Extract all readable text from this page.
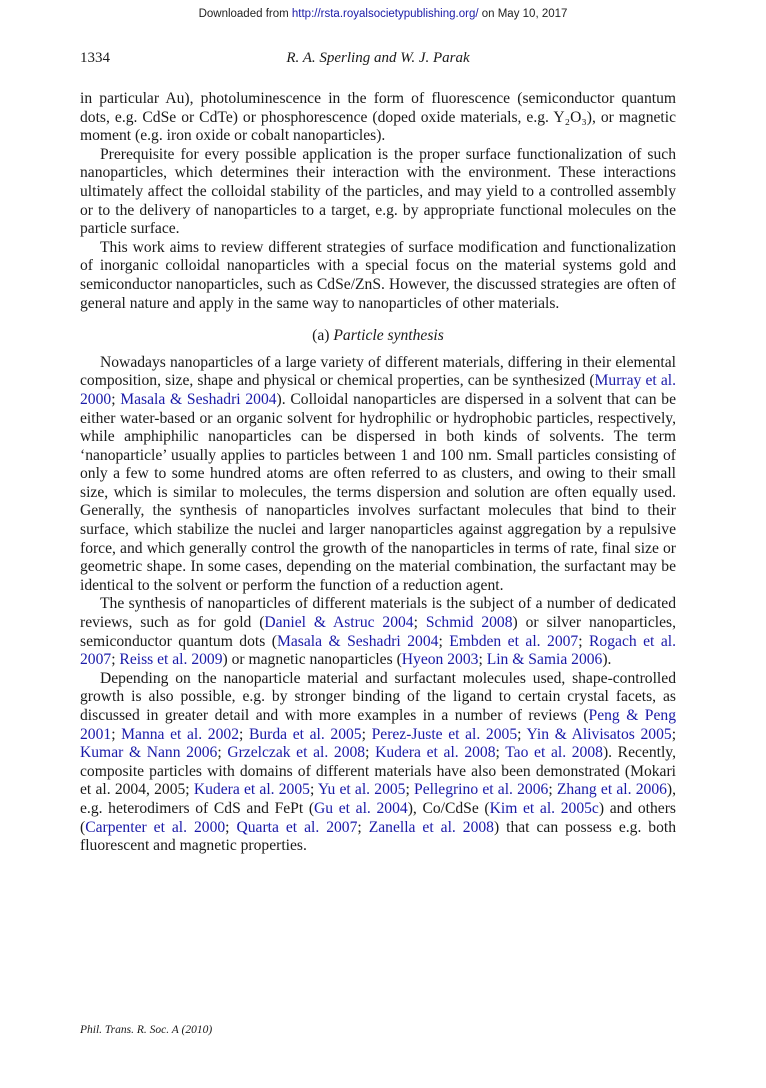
Downloaded from http://rsta.royalsocietypublishing.org/ on May 10, 2017
1334	R. A. Sperling and W. J. Parak

in particular Au), photoluminescence in the form of fluorescence (semiconductor quantum dots, e.g. CdSe or CdTe) or phosphorescence (doped oxide materials, e.g. Y₂O₃), or magnetic moment (e.g. iron oxide or cobalt nanoparticles).

Prerequisite for every possible application is the proper surface functionalization of such nanoparticles, which determines their interaction with the environment. These interactions ultimately affect the colloidal stability of the particles, and may yield to a controlled assembly or to the delivery of nanoparticles to a target, e.g. by appropriate functional molecules on the particle surface.

This work aims to review different strategies of surface modification and functionalization of inorganic colloidal nanoparticles with a special focus on the material systems gold and semiconductor nanoparticles, such as CdSe/ZnS. However, the discussed strategies are often of general nature and apply in the same way to nanoparticles of other materials.

(a) Particle synthesis

Nowadays nanoparticles of a large variety of different materials, differing in their elemental composition, size, shape and physical or chemical properties, can be synthesized (Murray et al. 2000; Masala & Seshadri 2004). Colloidal nanoparticles are dispersed in a solvent that can be either water-based or an organic solvent for hydrophilic or hydrophobic particles, respectively, while amphiphilic nanoparticles can be dispersed in both kinds of solvents. The term ‘nanoparticle’ usually applies to particles between 1 and 100 nm. Small particles consisting of only a few to some hundred atoms are often referred to as clusters, and owing to their small size, which is similar to molecules, the terms dispersion and solution are often equally used. Generally, the synthesis of nanoparticles involves surfactant molecules that bind to their surface, which stabilize the nuclei and larger nanoparticles against aggregation by a repulsive force, and which generally control the growth of the nanoparticles in terms of rate, final size or geometric shape. In some cases, depending on the material combination, the surfactant may be identical to the solvent or perform the function of a reduction agent.

The synthesis of nanoparticles of different materials is the subject of a number of dedicated reviews, such as for gold (Daniel & Astruc 2004; Schmid 2008) or silver nanoparticles, semiconductor quantum dots (Masala & Seshadri 2004; Embden et al. 2007; Rogach et al. 2007; Reiss et al. 2009) or magnetic nanoparticles (Hyeon 2003; Lin & Samia 2006).

Depending on the nanoparticle material and surfactant molecules used, shape-controlled growth is also possible, e.g. by stronger binding of the ligand to certain crystal facets, as discussed in greater detail and with more examples in a number of reviews (Peng & Peng 2001; Manna et al. 2002; Burda et al. 2005; Perez-Juste et al. 2005; Yin & Alivisatos 2005; Kumar & Nann 2006; Grzelczak et al. 2008; Kudera et al. 2008; Tao et al. 2008). Recently, composite particles with domains of different materials have also been demonstrated (Mokari et al. 2004, 2005; Kudera et al. 2005; Yu et al. 2005; Pellegrino et al. 2006; Zhang et al. 2006), e.g. heterodimers of CdS and FePt (Gu et al. 2004), Co/CdSe (Kim et al. 2005c) and others (Carpenter et al. 2000; Quarta et al. 2007; Zanella et al. 2008) that can possess e.g. both fluorescent and magnetic properties.

Phil. Trans. R. Soc. A (2010)
